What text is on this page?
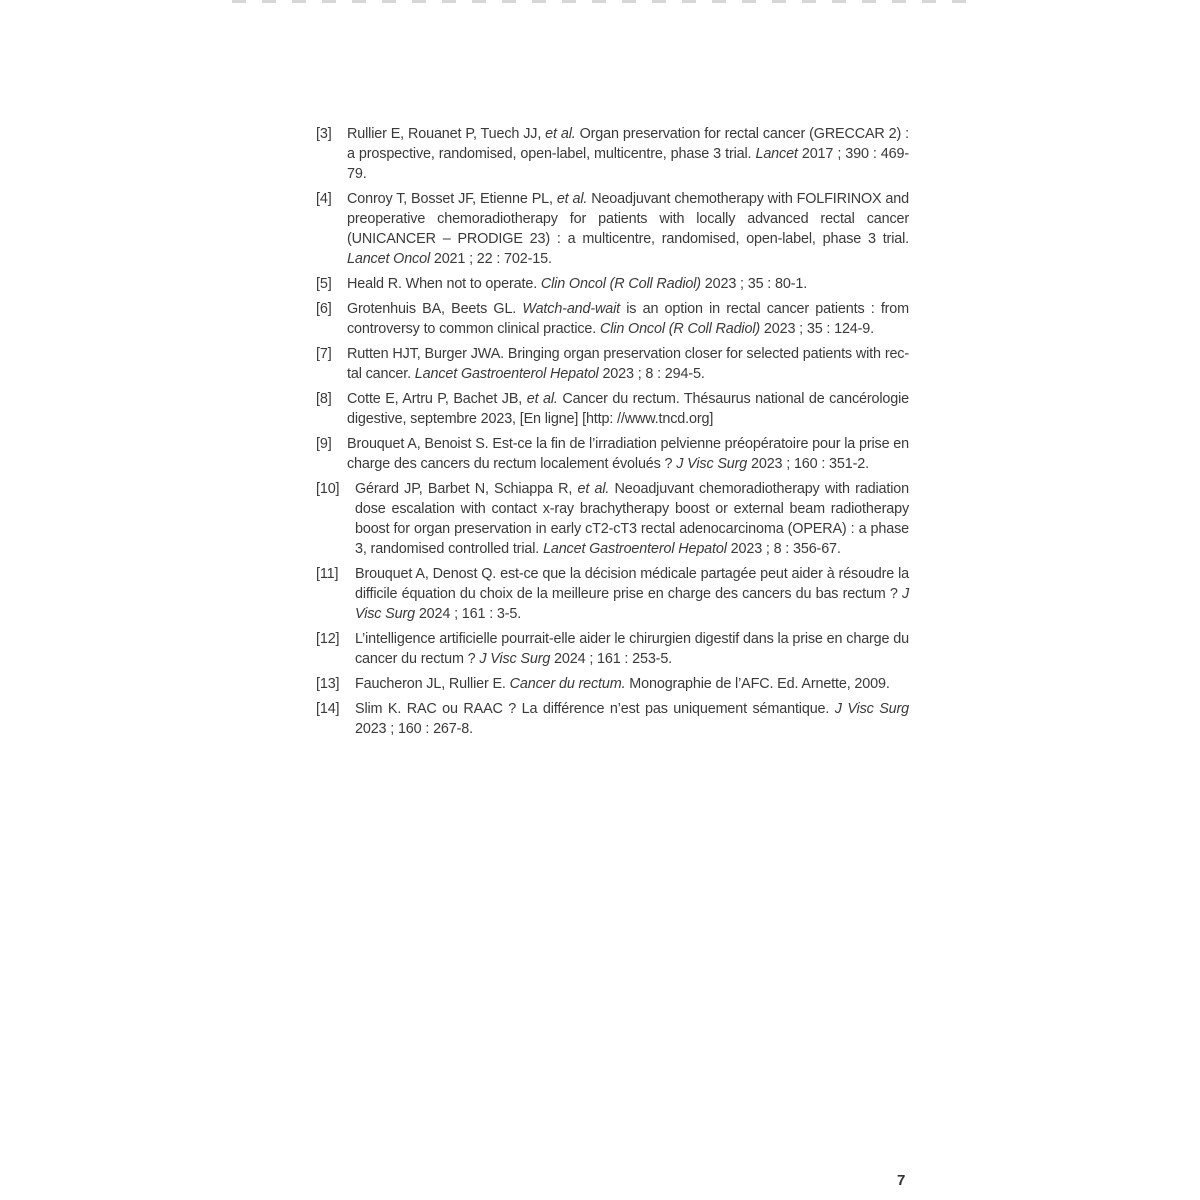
[3]	Rullier E, Rouanet P, Tuech JJ, et al. Organ preservation for rectal cancer (GRECCAR 2) : a prospective, randomised, open-label, multicentre, phase 3 trial. Lancet 2017 ; 390 : 469-79.
[4]	Conroy T, Bosset JF, Etienne PL, et al. Neoadjuvant chemotherapy with FOLFIRINOX and preoperative chemoradiotherapy for patients with locally advanced rectal cancer (UNICANCER – PRODIGE 23) : a multicentre, randomised, open-label, phase 3 trial. Lancet Oncol 2021 ; 22 : 702-15.
[5]	Heald R. When not to operate. Clin Oncol (R Coll Radiol) 2023 ; 35 : 80-1.
[6]	Grotenhuis BA, Beets GL. Watch-and-wait is an option in rectal cancer patients : from controversy to common clinical practice. Clin Oncol (R Coll Radiol) 2023 ; 35 : 124-9.
[7]	Rutten HJT, Burger JWA. Bringing organ preservation closer for selected patients with rec-tal cancer. Lancet Gastroenterol Hepatol 2023 ; 8 : 294-5.
[8]	Cotte E, Artru P, Bachet JB, et al. Cancer du rectum. Thésaurus national de cancérologie digestive, septembre 2023, [En ligne] [http: //www.tncd.org]
[9]	Brouquet A, Benoist S. Est-ce la fin de l’irradiation pelvienne préopératoire pour la prise en charge des cancers du rectum localement évolués ? J Visc Surg 2023 ; 160 : 351-2.
[10]	Gérard JP, Barbet N, Schiappa R, et al. Neoadjuvant chemoradiotherapy with radiation dose escalation with contact x-ray brachytherapy boost or external beam radiotherapy boost for organ preservation in early cT2-cT3 rectal adenocarcinoma (OPERA) : a phase 3, randomised controlled trial. Lancet Gastroenterol Hepatol 2023 ; 8 : 356-67.
[11]	Brouquet A, Denost Q. est-ce que la décision médicale partagée peut aider à résoudre la difficile équation du choix de la meilleure prise en charge des cancers du bas rectum ? J Visc Surg 2024 ; 161 : 3-5.
[12]	L’intelligence artificielle pourrait-elle aider le chirurgien digestif dans la prise en charge du cancer du rectum ? J Visc Surg 2024 ; 161 : 253-5.
[13]	Faucheron JL, Rullier E. Cancer du rectum. Monographie de l’AFC. Ed. Arnette, 2009.
[14]	Slim K. RAC ou RAAC ? La différence n’est pas uniquement sémantique. J Visc Surg 2023 ; 160 : 267-8.
7
